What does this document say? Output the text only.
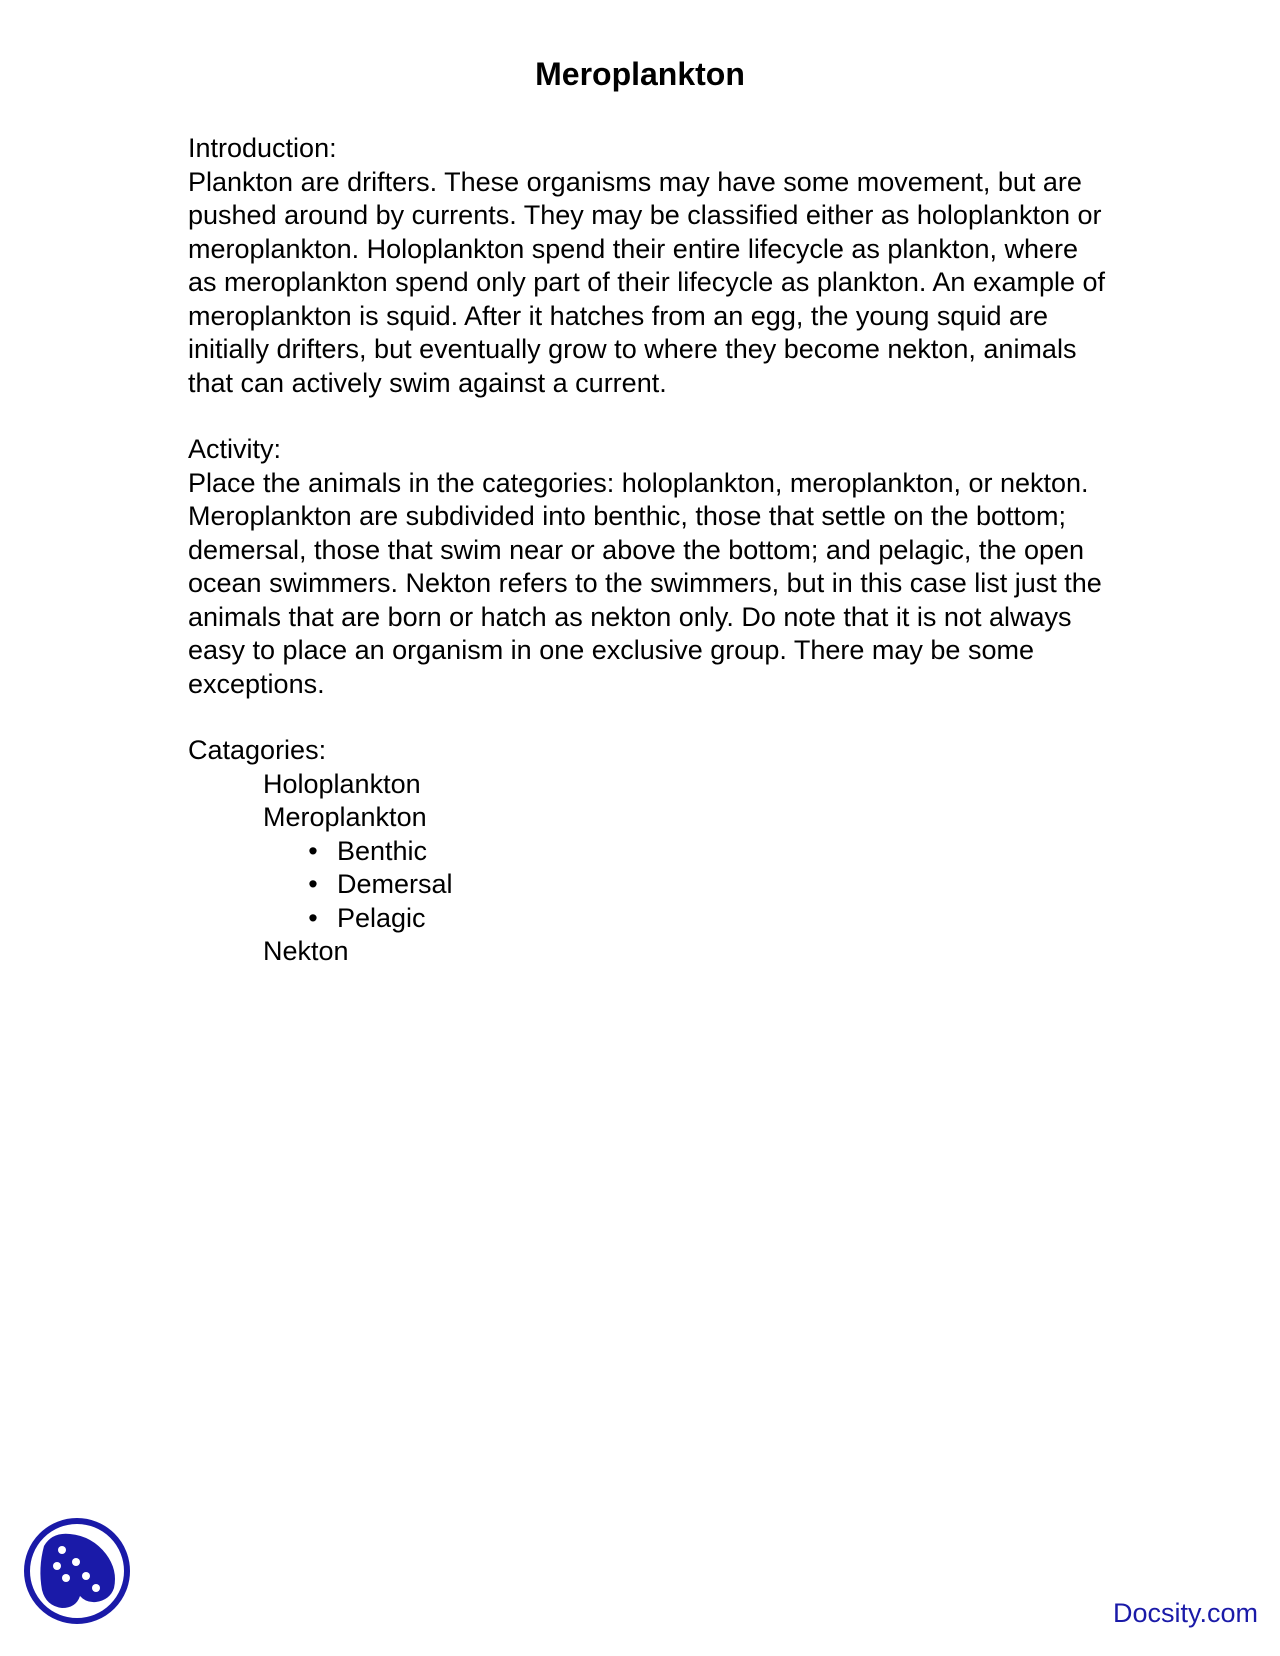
Meroplankton
Introduction:
Plankton are drifters. These organisms may have some movement, but are pushed around by currents. They may be classified either as holoplankton or meroplankton. Holoplankton spend their entire lifecycle as plankton, where as meroplankton spend only part of their lifecycle as plankton. An example of meroplankton is squid. After it hatches from an egg, the young squid are initially drifters, but eventually grow to where they become nekton, animals that can actively swim against a current.
Activity:
Place the animals in the categories: holoplankton, meroplankton, or nekton. Meroplankton are subdivided into benthic, those that settle on the bottom; demersal, those that swim near or above the bottom; and pelagic, the open ocean swimmers. Nekton refers to the swimmers, but in this case list just the animals that are born or hatch as nekton only. Do note that it is not always easy to place an organism in one exclusive group. There may be some exceptions.
Catagories:
Holoplankton
Meroplankton
• Benthic
• Demersal
• Pelagic
Nekton
Docsity.com
